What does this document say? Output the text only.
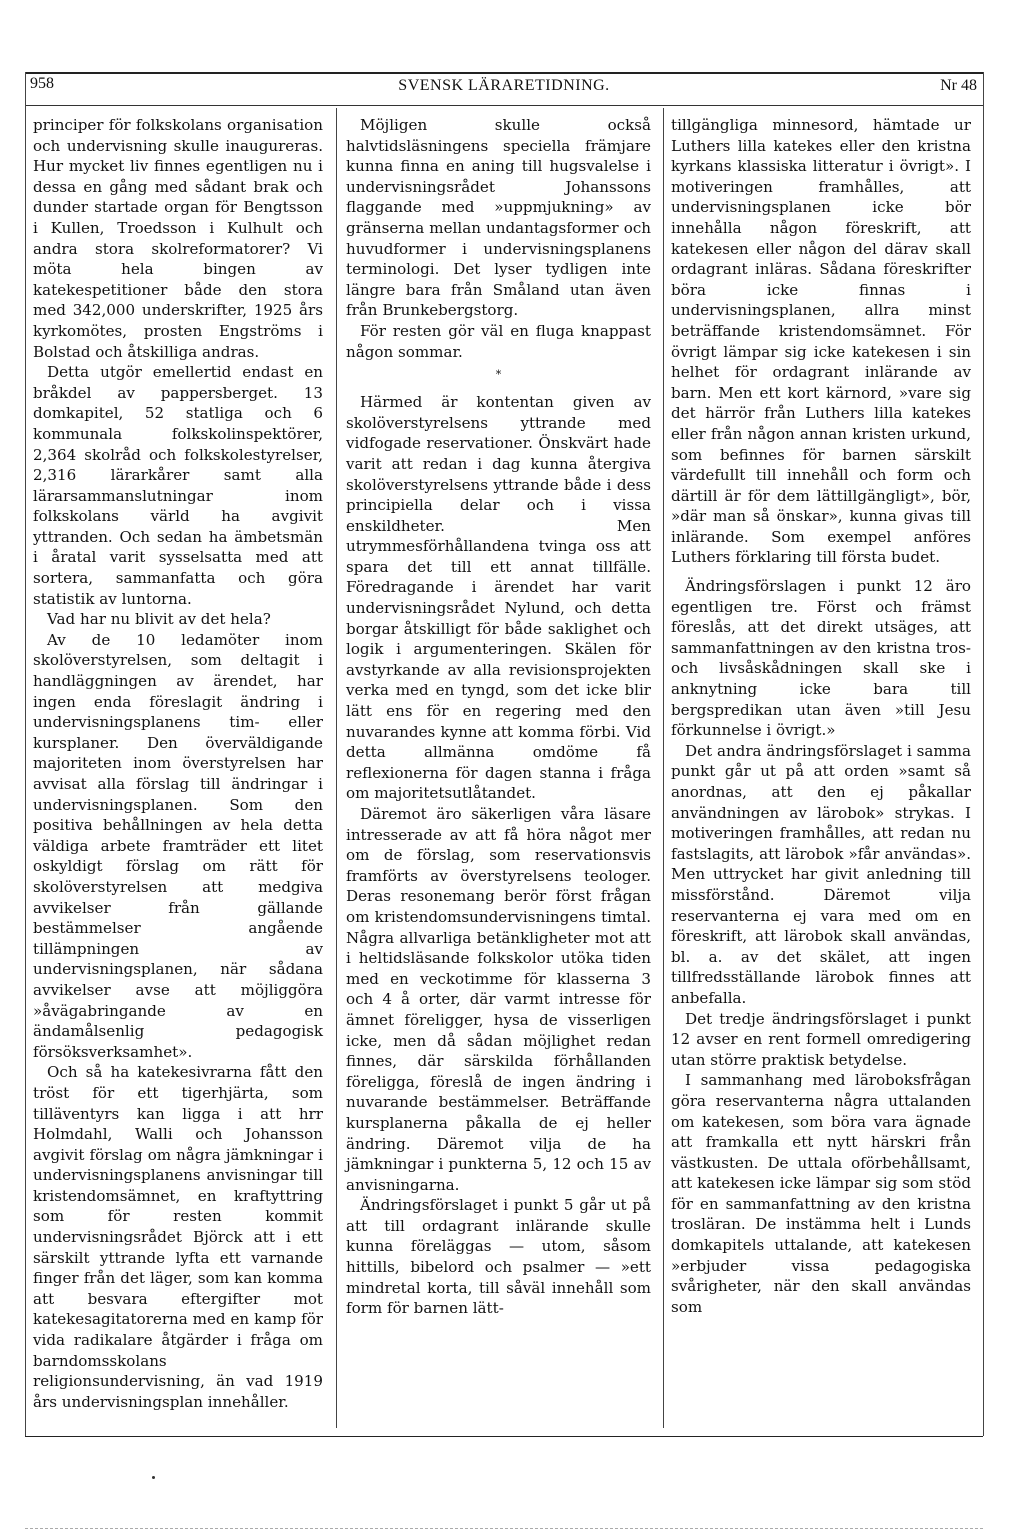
958	SVENSK LÄRARETIDNING.	Nr 48

principer för folkskolans organisation och undervisning skulle inaugureras. Hur mycket liv finnes egentligen nu i dessa en gång med sådant brak och dunder startade organ för Bengtsson i Kullen, Troedsson i Kulhult och andra stora skolreformatorer? Vi möta hela bingen av katekespetitioner både den stora med 342,000 underskrifter, 1925 års kyrkomötes, prosten Engströms i Bolstad och åtskilliga andras.

Detta utgör emellertid endast en bråkdel av pappersberget. 13 domkapitel, 52 statliga och 6 kommunala folkskolinspektörer, 2,364 skolråd och folkskolestyrelser, 2,316 lärarkårer samt alla lärarsammanslutningar inom folkskolans värld ha avgivit yttranden. Och sedan ha ämbetsmän i åratal varit sysselsatta med att sortera, sammanfatta och göra statistik av luntorna.

Vad har nu blivit av det hela?

Av de 10 ledamöter inom skolöverstyrelsen, som deltagit i handläggningen av ärendet, har ingen enda föreslagit ändring i undervisningsplanens tim- eller kursplaner. Den överväldigande majoriteten inom överstyrelsen har avvisat alla förslag till ändringar i undervisningsplanen. Som den positiva behållningen av hela detta väldiga arbete framträder ett litet oskyldigt förslag om rätt för skolöverstyrelsen att medgiva avvikelser från gällande bestämmelser angående tillämpningen av undervisningsplanen, när sådana avvikelser avse att möjliggöra »åvägabringande av en ändamålsenlig pedagogisk försöksverksamhet».

Och så ha katekesivrarna fått den tröst för ett tigerhjärta, som tilläventyrs kan ligga i att hrr Holmdahl, Walli och Johansson avgivit förslag om några jämkningar i undervisningsplanens anvisningar till kristendomsämnet, en kraftyttring som för resten kommit undervisningsrådet Björck att i ett särskilt yttrande lyfta ett varnande finger från det läger, som kan komma att besvara eftergifter mot katekesagitatorerna med en kamp för vida radikalare åtgärder i fråga om barndomsskolans religionsundervisning, än vad 1919 års undervisningsplan innehåller.

Möjligen skulle också halvtidsläsningens speciella främjare kunna finna en aning till hugsvalelse i undervisningsrådet Johanssons flaggande med »uppmjukning» av gränserna mellan undantagsformer och huvudformer i undervisningsplanens terminologi. Det lyser tydligen inte längre bara från Småland utan även från Brunkebergstorg.

För resten gör väl en fluga knappast någon sommar.

*

Härmed är kontentan given av skolöverstyrelsens yttrande med vidfogade reservationer. Önskvärt hade varit att redan i dag kunna återgiva skolöverstyrelsens yttrande både i dess principiella delar och i vissa enskildheter. Men utrymmesförhållandena tvinga oss att spara det till ett annat tillfälle. Föredragande i ärendet har varit undervisningsrådet Nylund, och detta borgar åtskilligt för både saklighet och logik i argumenteringen. Skälen för avstyrkande av alla revisionsprojekten verka med en tyngd, som det icke blir lätt ens för en regering med den nuvarandes kynne att komma förbi. Vid detta allmänna omdöme få reflexionerna för dagen stanna i fråga om majoritetsutlåtandet.

Däremot äro säkerligen våra läsare intresserade av att få höra något mer om de förslag, som reservationsvis framförts av överstyrelsens teologer. Deras resonemang berör först frågan om kristendomsundervisningens timtal. Några allvarliga betänkligheter mot att i heltidsläsande folkskolor utöka tiden med en veckotimme för klasserna 3 och 4 å orter, där varmt intresse för ämnet föreligger, hysa de visserligen icke, men då sådan möjlighet redan finnes, där särskilda förhållanden föreligga, föreslå de ingen ändring i nuvarande bestämmelser. Beträffande kursplanerna påkalla de ej heller ändring. Däremot vilja de ha jämkningar i punkterna 5, 12 och 15 av anvisningarna.

Ändringsförslaget i punkt 5 går ut på att till ordagrant inlärande skulle kunna föreläggas — utom, såsom hittills, bibelord och psalmer — »ett mindretal korta, till såväl innehåll som form för barnen lätt-

tillgängliga minnesord, hämtade ur Luthers lilla katekes eller den kristna kyrkans klassiska litteratur i övrigt». I motiveringen framhålles, att undervisningsplanen icke bör innehålla någon föreskrift, att katekesen eller någon del därav skall ordagrant inläras. Sådana föreskrifter böra icke finnas i undervisningsplanen, allra minst beträffande kristendomsämnet. För övrigt lämpar sig icke katekesen i sin helhet för ordagrant inlärande av barn. Men ett kort kärnord, »vare sig det härrör från Luthers lilla katekes eller från någon annan kristen urkund, som befinnes för barnen särskilt värdefullt till innehåll och form och därtill är för dem lättillgängligt», bör, »där man så önskar», kunna givas till inlärande. Som exempel anföres Luthers förklaring till första budet.

Ändringsförslagen i punkt 12 äro egentligen tre. Först och främst föreslås, att det direkt utsäges, att sammanfattningen av den kristna tros- och livsåskådningen skall ske i anknytning icke bara till bergspredikan utan även »till Jesu förkunnelse i övrigt.»

Det andra ändringsförslaget i samma punkt går ut på att orden »samt så anordnas, att den ej påkallar användningen av lärobok» strykas. I motiveringen framhålles, att redan nu fastslagits, att lärobok »får användas». Men uttrycket har givit anledning till missförstånd. Däremot vilja reservanterna ej vara med om en föreskrift, att lärobok skall användas, bl. a. av det skälet, att ingen tillfredsställande lärobok finnes att anbefalla.

Det tredje ändringsförslaget i punkt 12 avser en rent formell omredigering utan större praktisk betydelse.

I sammanhang med läroboksfrågan göra reservanterna några uttalanden om katekesen, som böra vara ägnade att framkalla ett nytt härskri från västkusten. De uttala oförbehållsamt, att katekesen icke lämpar sig som stöd för en sammanfattning av den kristna trosläran. De instämma helt i Lunds domkapitels uttalande, att katekesen »erbjuder vissa pedagogiska svårigheter, när den skall användas som
